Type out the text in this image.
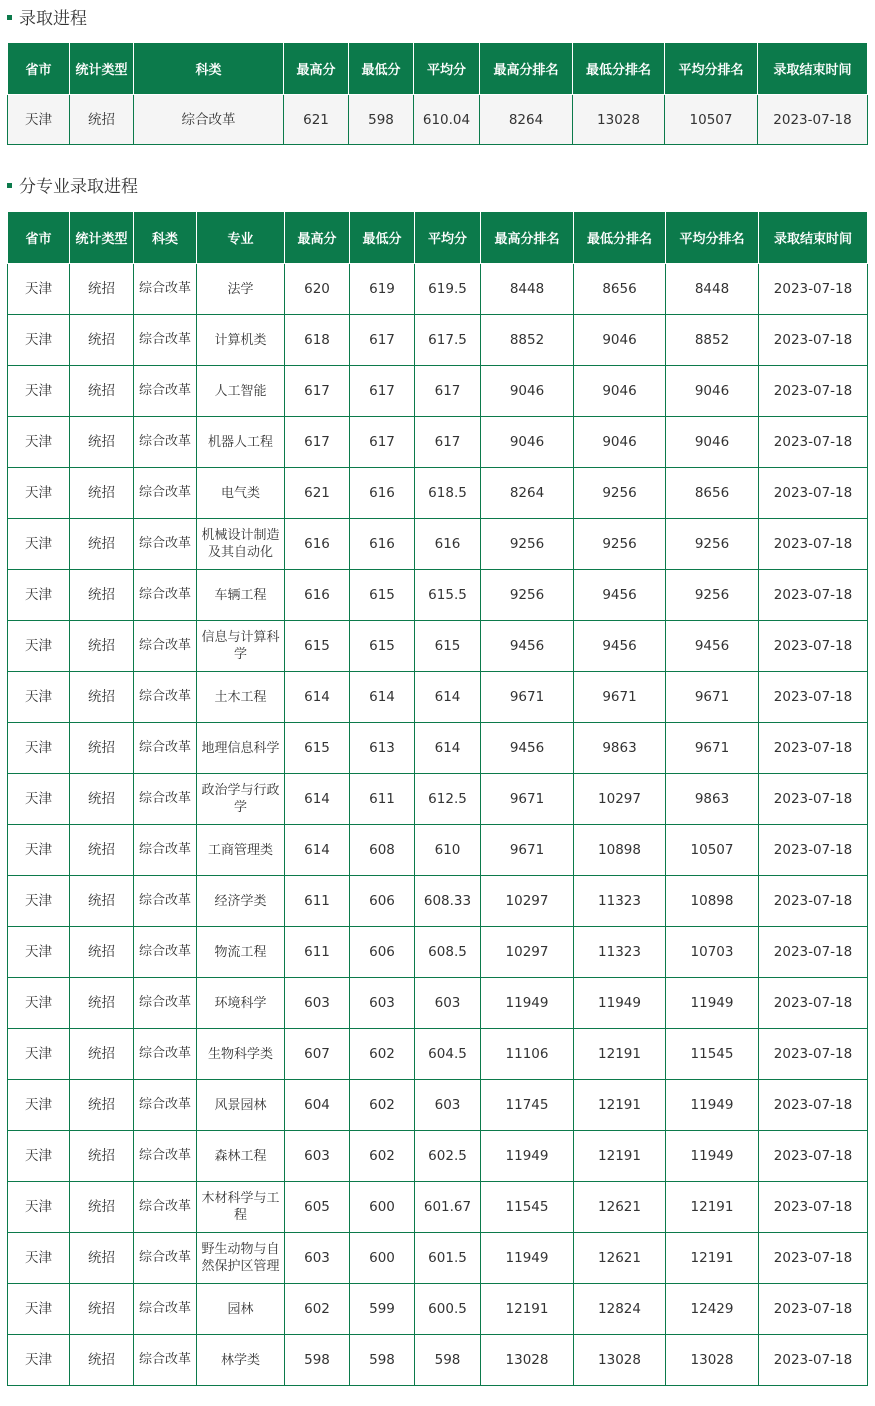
录取进程
省市	统计类型	科类	最高分	最低分	平均分	最高分排名	最低分排名	平均分排名	录取结束时间
天津	统招	综合改革	621	598	610.04	8264	13028	10507	2023-07-18
分专业录取进程
省市	统计类型	科类	专业	最高分	最低分	平均分	最高分排名	最低分排名	平均分排名	录取结束时间
天津	统招	综合改革	法学	620	619	619.5	8448	8656	8448	2023-07-18
天津	统招	综合改革	计算机类	618	617	617.5	8852	9046	8852	2023-07-18
天津	统招	综合改革	人工智能	617	617	617	9046	9046	9046	2023-07-18
天津	统招	综合改革	机器人工程	617	617	617	9046	9046	9046	2023-07-18
天津	统招	综合改革	电气类	621	616	618.5	8264	9256	8656	2023-07-18
天津	统招	综合改革	机械设计制造及其自动化	616	616	616	9256	9256	9256	2023-07-18
天津	统招	综合改革	车辆工程	616	615	615.5	9256	9456	9256	2023-07-18
天津	统招	综合改革	信息与计算科学	615	615	615	9456	9456	9456	2023-07-18
天津	统招	综合改革	土木工程	614	614	614	9671	9671	9671	2023-07-18
天津	统招	综合改革	地理信息科学	615	613	614	9456	9863	9671	2023-07-18
天津	统招	综合改革	政治学与行政学	614	611	612.5	9671	10297	9863	2023-07-18
天津	统招	综合改革	工商管理类	614	608	610	9671	10898	10507	2023-07-18
天津	统招	综合改革	经济学类	611	606	608.33	10297	11323	10898	2023-07-18
天津	统招	综合改革	物流工程	611	606	608.5	10297	11323	10703	2023-07-18
天津	统招	综合改革	环境科学	603	603	603	11949	11949	11949	2023-07-18
天津	统招	综合改革	生物科学类	607	602	604.5	11106	12191	11545	2023-07-18
天津	统招	综合改革	风景园林	604	602	603	11745	12191	11949	2023-07-18
天津	统招	综合改革	森林工程	603	602	602.5	11949	12191	11949	2023-07-18
天津	统招	综合改革	木材科学与工程	605	600	601.67	11545	12621	12191	2023-07-18
天津	统招	综合改革	野生动物与自然保护区管理	603	600	601.5	11949	12621	12191	2023-07-18
天津	统招	综合改革	园林	602	599	600.5	12191	12824	12429	2023-07-18
天津	统招	综合改革	林学类	598	598	598	13028	13028	13028	2023-07-18
